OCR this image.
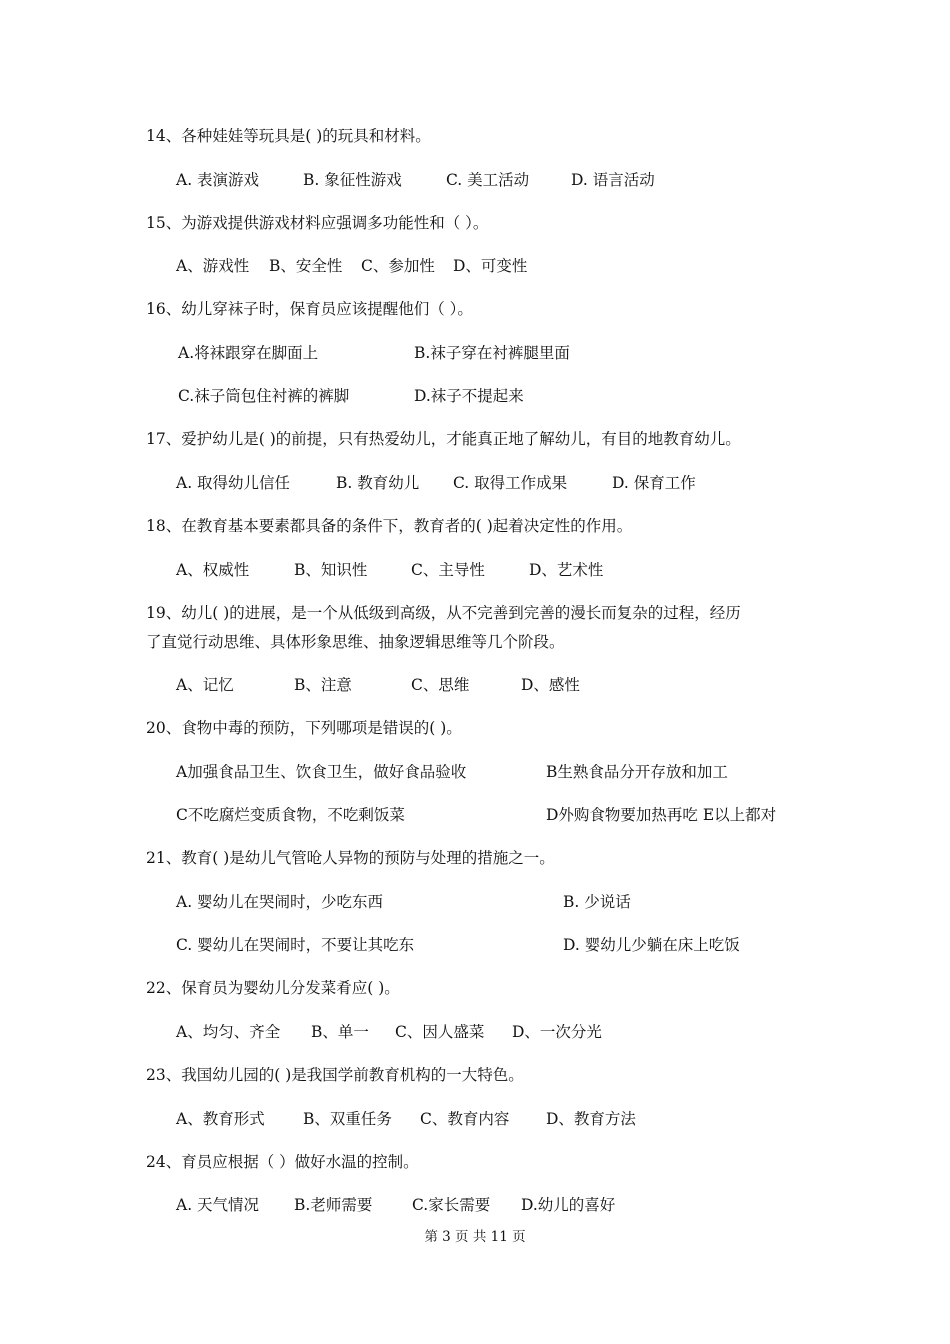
14、各种娃娃等玩具是( )的玩具和材料。
A. 表演游戏	B. 象征性游戏	C. 美工活动	D. 语言活动
15、为游戏提供游戏材料应强调多功能性和（ ）。
A、游戏性 B、安全性 C、参加性 D、可变性
16、幼儿穿袜子时，保育员应该提醒他们（ ）。
A.将袜跟穿在脚面上	B.袜子穿在衬裤腿里面
C.袜子筒包住衬裤的裤脚	D.袜子不提起来
17、爱护幼儿是( )的前提，只有热爱幼儿，才能真正地了解幼儿，有目的地教育幼儿。
A. 取得幼儿信任	B. 教育幼儿 C. 取得工作成果	D. 保育工作
18、在教育基本要素都具备的条件下，教育者的( )起着决定性的作用。
A、权威性	B、知识性	C、主导性	D、艺术性
19、幼儿( )的进展，是一个从低级到高级，从不完善到完善的漫长而复杂的过程，经历
了直觉行动思维、具体形象思维、抽象逻辑思维等几个阶段。
A、记忆	B、注意	C、思维	D、感性
20、食物中毒的预防，下列哪项是错误的( )。
A加强食品卫生、饮食卫生，做好食品验收	B生熟食品分开存放和加工
C不吃腐烂变质食物，不吃剩饭菜	D外购食物要加热再吃 E以上都对
21、教育( )是幼儿气管呛人异物的预防与处理的措施之一。
A. 婴幼儿在哭闹时，少吃东西	B. 少说话
C. 婴幼儿在哭闹时，不要让其吃东	D. 婴幼儿少躺在床上吃饭
22、保育员为婴幼儿分发菜肴应( )。
A、均匀、齐全 B、单一 C、因人盛菜 D、一次分光
23、我国幼儿园的( )是我国学前教育机构的一大特色。
A、教育形式 B、双重任务 C、教育内容 D、教育方法
24、育员应根据（ ）做好水温的控制。
A. 天气情况 B.老师需要	C.家长需要 D.幼儿的喜好
第 3 页 共 11 页
